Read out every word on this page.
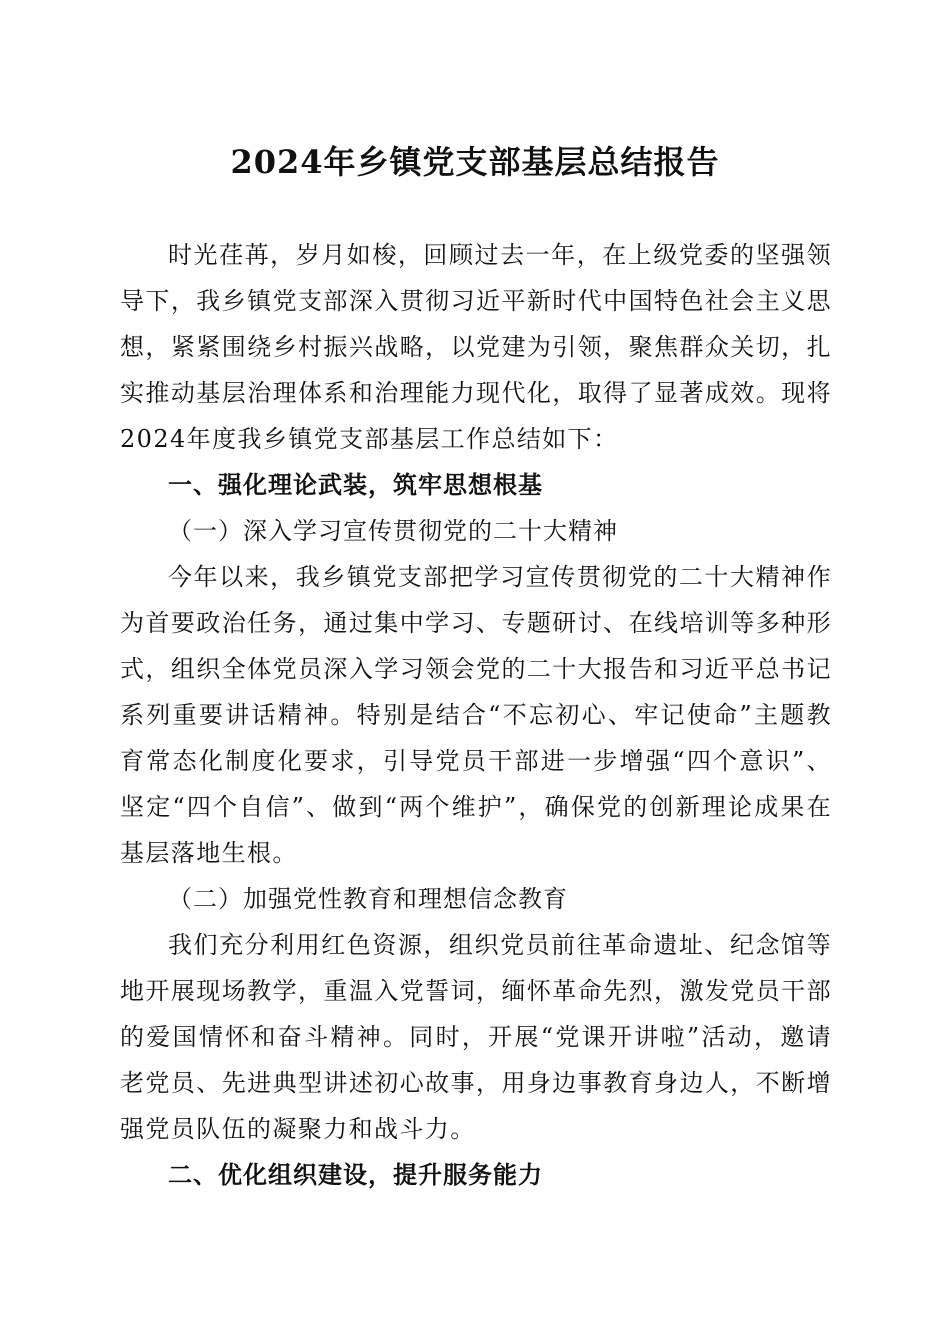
2024年乡镇党支部基层总结报告

时光荏苒，岁月如梭，回顾过去一年，在上级党委的坚强领导下，我乡镇党支部深入贯彻习近平新时代中国特色社会主义思想，紧紧围绕乡村振兴战略，以党建为引领，聚焦群众关切，扎实推动基层治理体系和治理能力现代化，取得了显著成效。现将2024年度我乡镇党支部基层工作总结如下：

一、强化理论武装，筑牢思想根基

（一）深入学习宣传贯彻党的二十大精神

今年以来，我乡镇党支部把学习宣传贯彻党的二十大精神作为首要政治任务，通过集中学习、专题研讨、在线培训等多种形式，组织全体党员深入学习领会党的二十大报告和习近平总书记系列重要讲话精神。特别是结合“不忘初心、牢记使命”主题教育常态化制度化要求，引导党员干部进一步增强“四个意识”、坚定“四个自信”、做到“两个维护”，确保党的创新理论成果在基层落地生根。

（二）加强党性教育和理想信念教育

我们充分利用红色资源，组织党员前往革命遗址、纪念馆等地开展现场教学，重温入党誓词，缅怀革命先烈，激发党员干部的爱国情怀和奋斗精神。同时，开展“党课开讲啦”活动，邀请老党员、先进典型讲述初心故事，用身边事教育身边人，不断增强党员队伍的凝聚力和战斗力。

二、优化组织建设，提升服务能力
